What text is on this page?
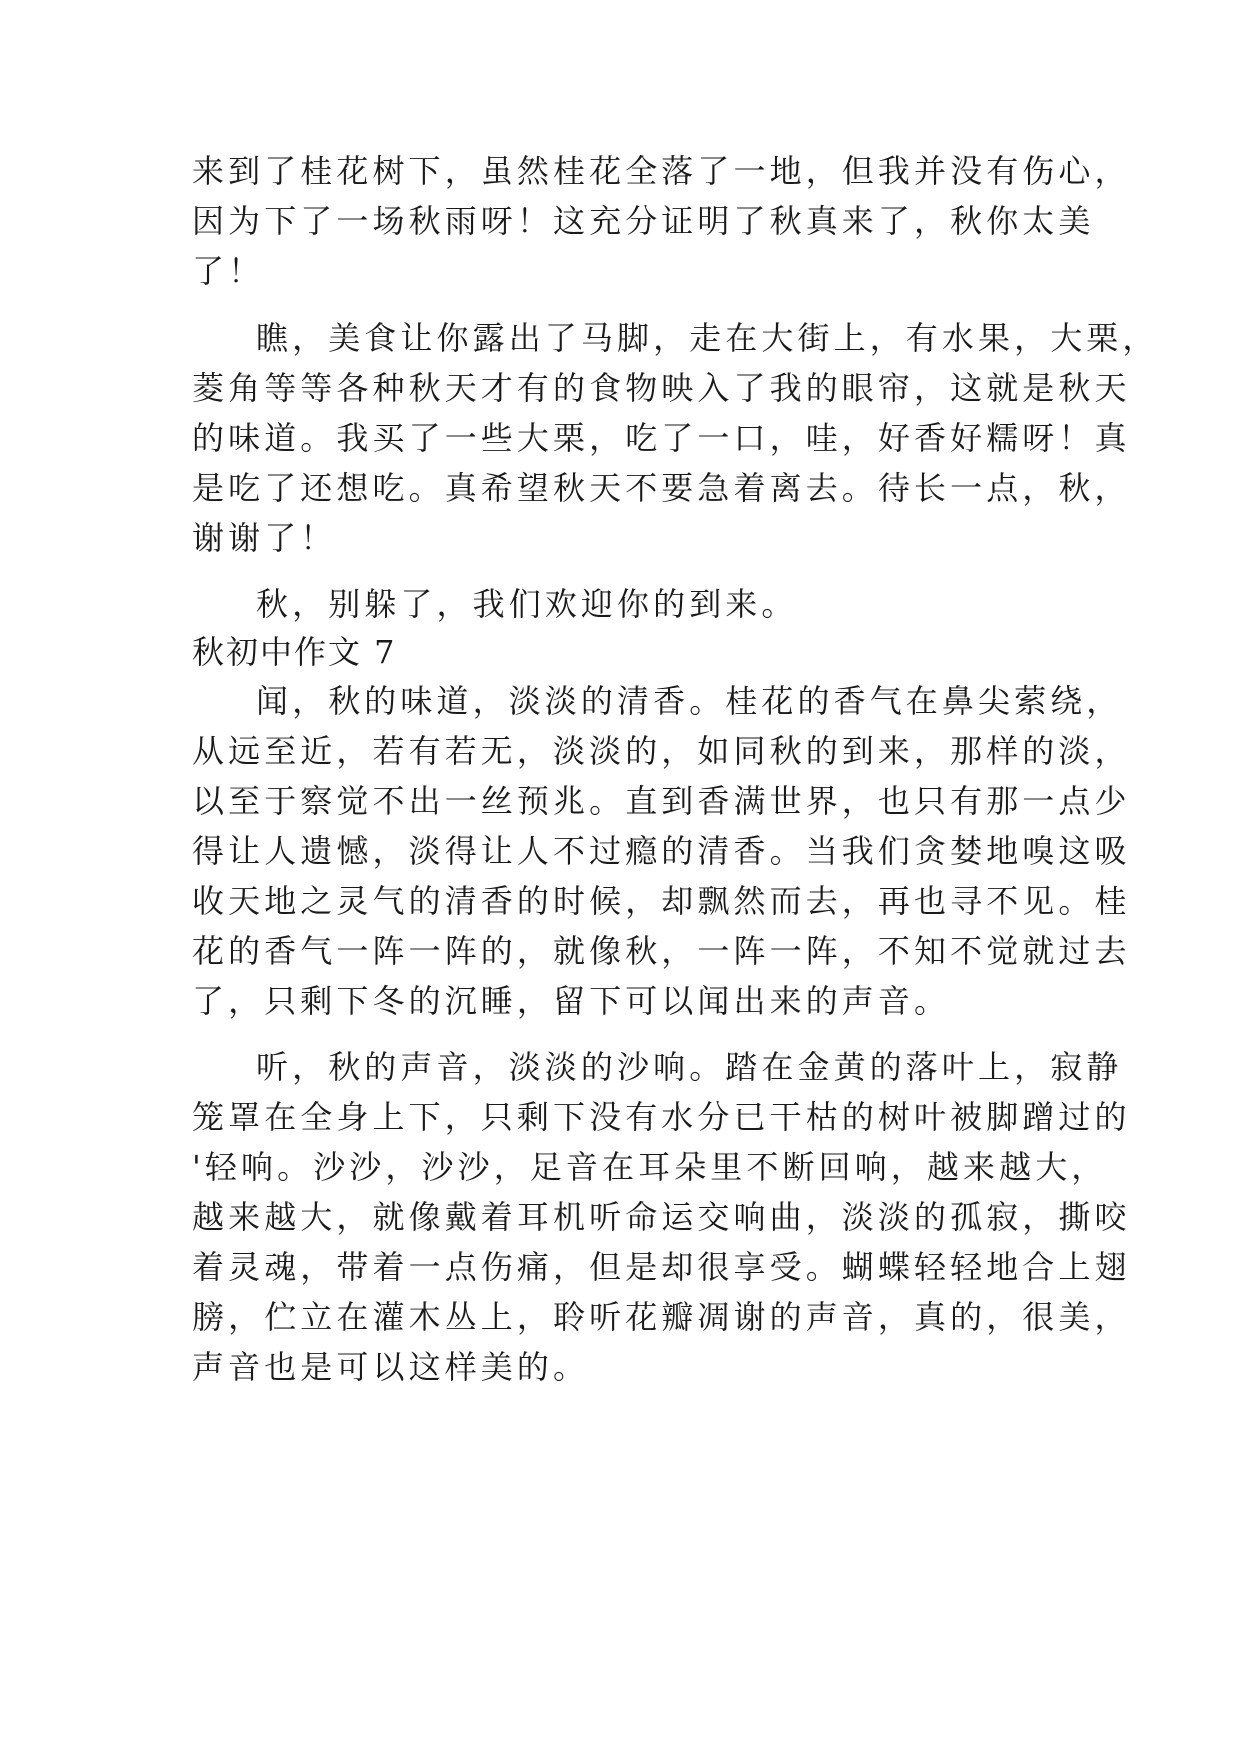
来到了桂花树下，虽然桂花全落了一地，但我并没有伤心，
因为下了一场秋雨呀！这充分证明了秋真来了，秋你太美
了！
瞧，美食让你露出了马脚，走在大街上，有水果，大栗，
菱角等等各种秋天才有的食物映入了我的眼帘，这就是秋天
的味道。我买了一些大栗，吃了一口，哇，好香好糯呀！真
是吃了还想吃。真希望秋天不要急着离去。待长一点，秋，
谢谢了！
秋，别躲了，我们欢迎你的到来。
秋初中作文 7
闻，秋的味道，淡淡的清香。桂花的香气在鼻尖萦绕，
从远至近，若有若无，淡淡的，如同秋的到来，那样的淡，
以至于察觉不出一丝预兆。直到香满世界，也只有那一点少
得让人遗憾，淡得让人不过瘾的清香。当我们贪婪地嗅这吸
收天地之灵气的清香的时候，却飘然而去，再也寻不见。桂
花的香气一阵一阵的，就像秋，一阵一阵，不知不觉就过去
了，只剩下冬的沉睡，留下可以闻出来的声音。
听，秋的声音，淡淡的沙响。踏在金黄的落叶上，寂静
笼罩在全身上下，只剩下没有水分已干枯的树叶被脚蹭过的
'轻响。沙沙，沙沙，足音在耳朵里不断回响，越来越大，
越来越大，就像戴着耳机听命运交响曲，淡淡的孤寂，撕咬
着灵魂，带着一点伤痛，但是却很享受。蝴蝶轻轻地合上翅
膀，伫立在灌木丛上，聆听花瓣凋谢的声音，真的，很美，
声音也是可以这样美的。
